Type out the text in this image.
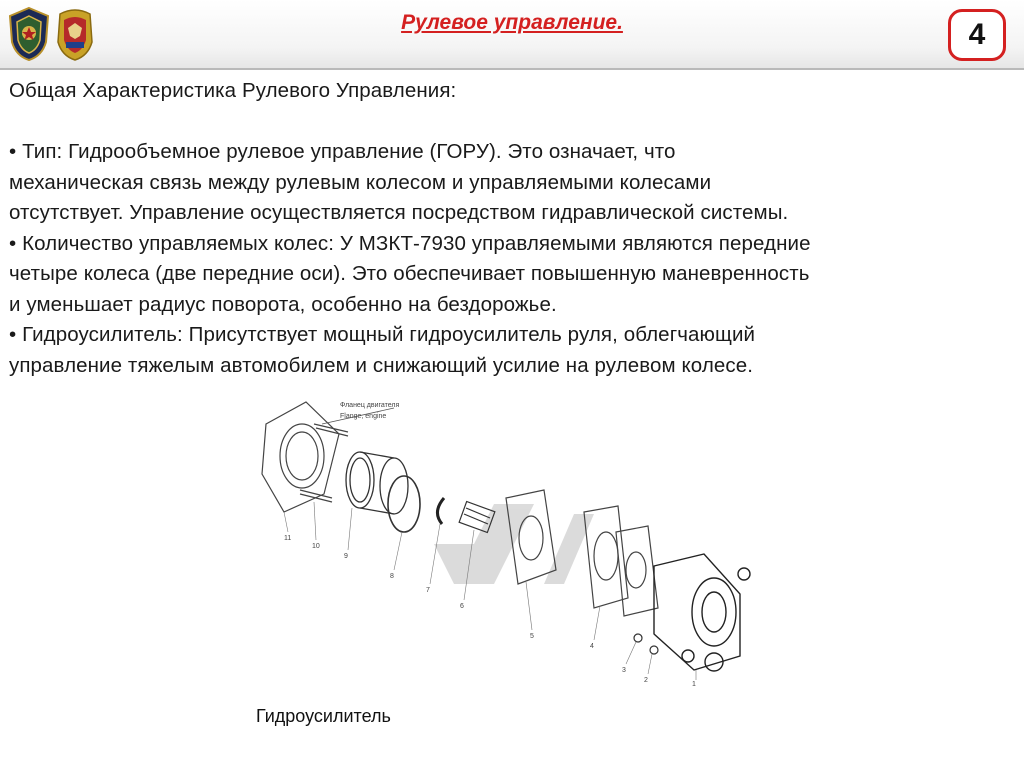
Рулевое управление.	4

Общая Характеристика Рулевого Управления:

• Тип: Гидрообъемное рулевое управление (ГОРУ). Это означает, что

механическая связь между рулевым колесом и управляемыми колесами

отсутствует. Управление осуществляется посредством гидравлической системы.

• Количество управляемых колес: У МЗКТ-7930 управляемыми являются передние

четыре колеса (две передние оси). Это обеспечивает повышенную маневренность

и уменьшает радиус поворота, особенно на бездорожье.

• Гидроусилитель: Присутствует мощный гидроусилитель руля, облегчающий

управление тяжелым автомобилем и снижающий усилие на рулевом колесе.

Фланец двигателя
Flange, engine
11
10
9
8
7
6
5
4
3
2
1
Гидроусилитель
